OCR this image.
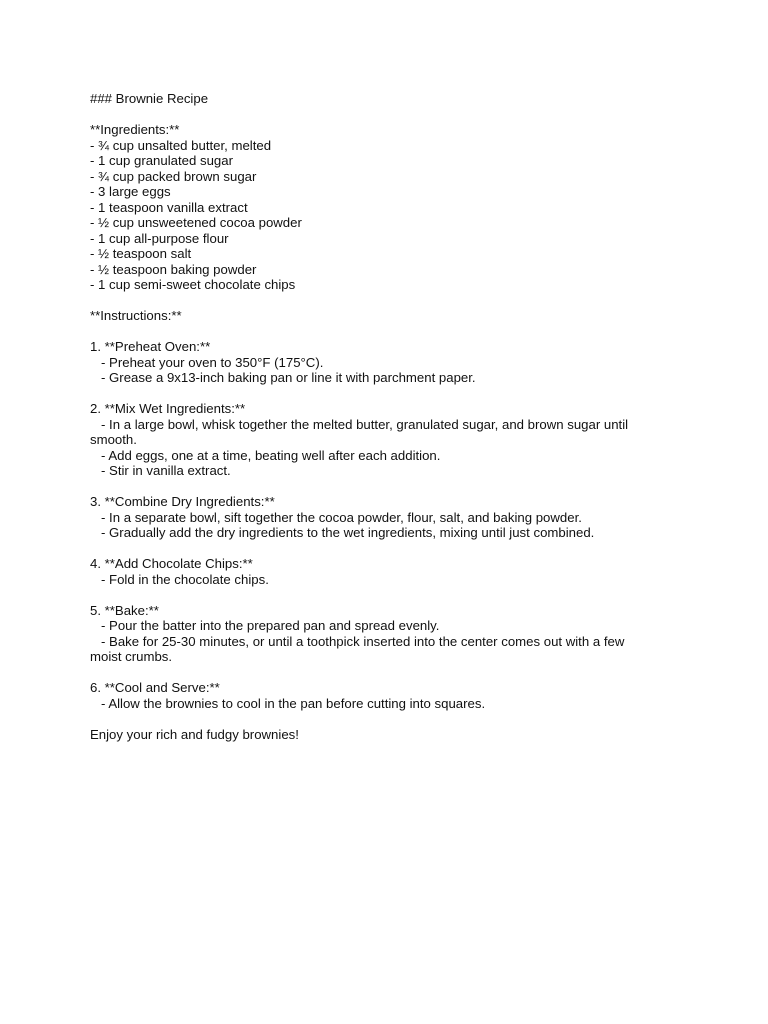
### Brownie Recipe
**Ingredients:**
- ¾ cup unsalted butter, melted
- 1 cup granulated sugar
- ¾ cup packed brown sugar
- 3 large eggs
- 1 teaspoon vanilla extract
- ½ cup unsweetened cocoa powder
- 1 cup all-purpose flour
- ½ teaspoon salt
- ½ teaspoon baking powder
- 1 cup semi-sweet chocolate chips
**Instructions:**
1. **Preheat Oven:**
- Preheat your oven to 350°F (175°C).
- Grease a 9x13-inch baking pan or line it with parchment paper.
2. **Mix Wet Ingredients:**
- In a large bowl, whisk together the melted butter, granulated sugar, and brown sugar until
smooth.
- Add eggs, one at a time, beating well after each addition.
- Stir in vanilla extract.
3. **Combine Dry Ingredients:**
- In a separate bowl, sift together the cocoa powder, flour, salt, and baking powder.
- Gradually add the dry ingredients to the wet ingredients, mixing until just combined.
4. **Add Chocolate Chips:**
- Fold in the chocolate chips.
5. **Bake:**
- Pour the batter into the prepared pan and spread evenly.
- Bake for 25-30 minutes, or until a toothpick inserted into the center comes out with a few
moist crumbs.
6. **Cool and Serve:**
- Allow the brownies to cool in the pan before cutting into squares.
Enjoy your rich and fudgy brownies!
